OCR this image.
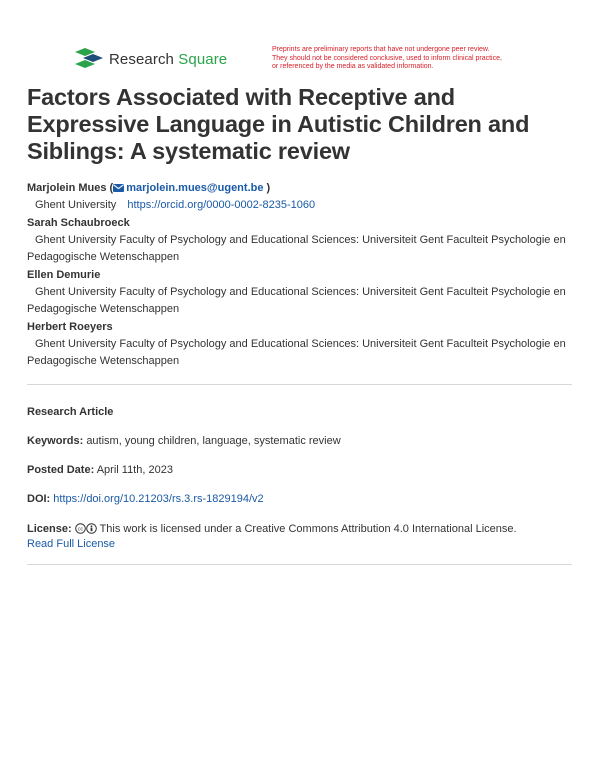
Research Square
Preprints are preliminary reports that have not undergone peer review.
They should not be considered conclusive, used to inform clinical practice,
or referenced by the media as validated information.
Factors Associated with Receptive and Expressive Language in Autistic Children and Siblings: A systematic review
Marjolein Mues ( marjolein.mues@ugent.be )
Ghent University https://orcid.org/0000-0002-8235-1060
Sarah Schaubroeck
Ghent University Faculty of Psychology and Educational Sciences: Universiteit Gent Faculteit Psychologie en Pedagogische Wetenschappen
Ellen Demurie
Ghent University Faculty of Psychology and Educational Sciences: Universiteit Gent Faculteit Psychologie en Pedagogische Wetenschappen
Herbert Roeyers
Ghent University Faculty of Psychology and Educational Sciences: Universiteit Gent Faculteit Psychologie en Pedagogische Wetenschappen
Research Article
Keywords: autism, young children, language, systematic review
Posted Date: April 11th, 2023
DOI: https://doi.org/10.21203/rs.3.rs-1829194/v2
License: cc This work is licensed under a Creative Commons Attribution 4.0 International License.
Read Full License
